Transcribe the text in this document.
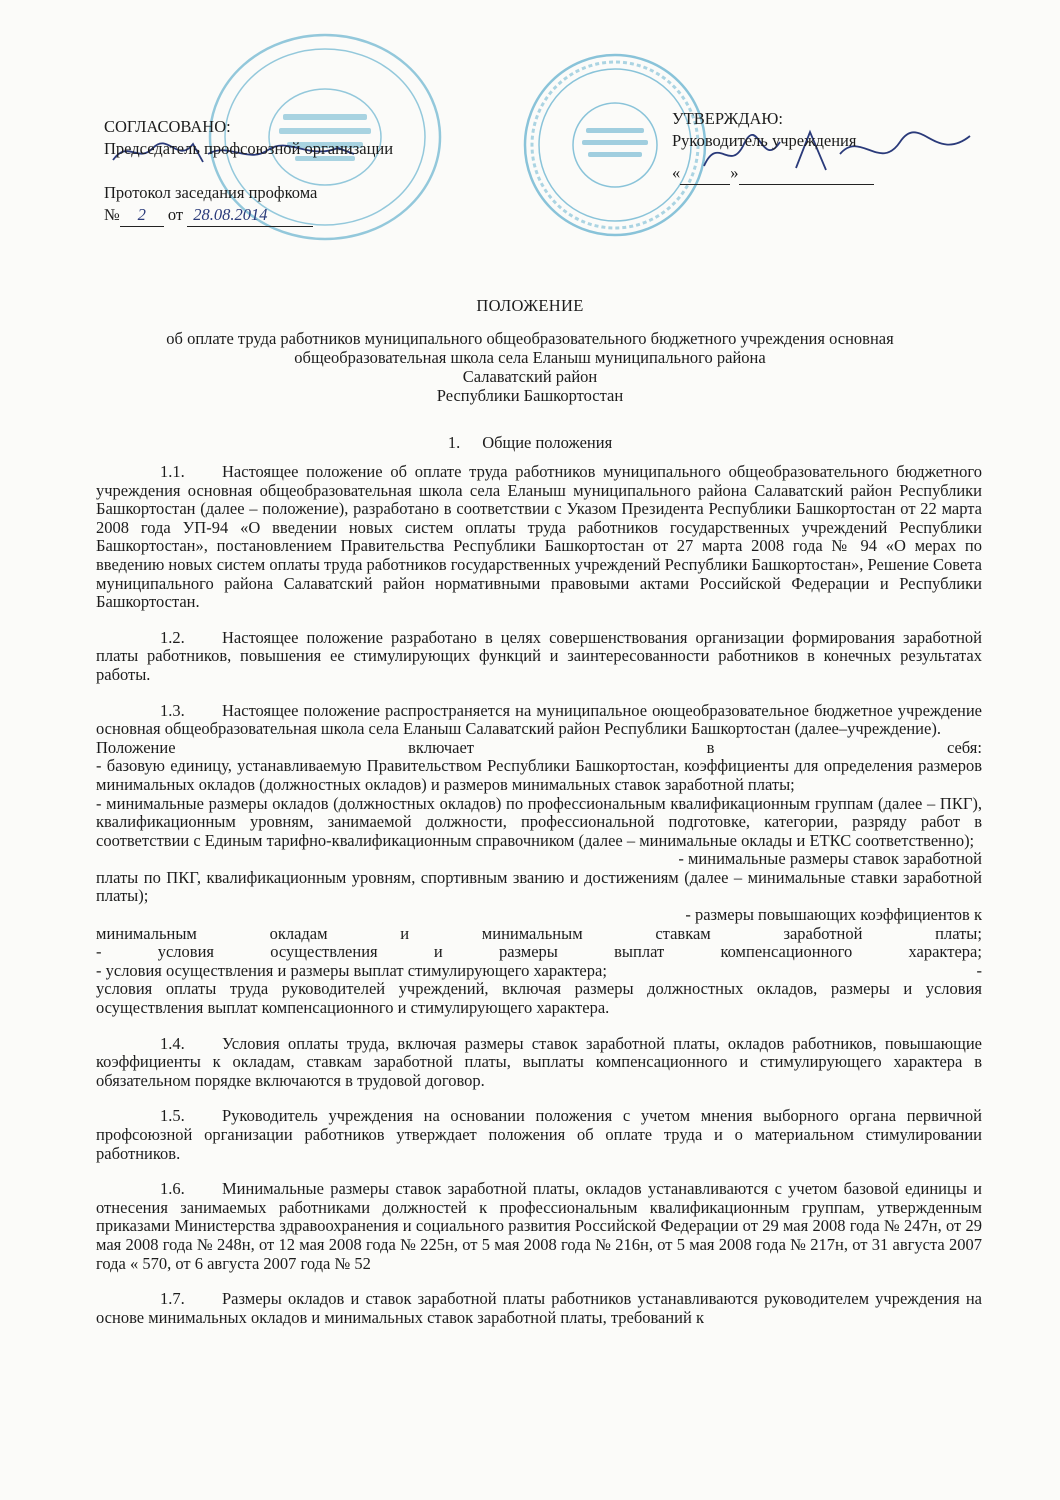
СОГЛАСОВАНО:
Председатель профсоюзной организации
Протокол заседания профкома
№ 2 от 28.08.2014
УТВЕРЖДАЮ:
Руководитель учреждения
«	»
ПОЛОЖЕНИЕ
об оплате труда работников муниципального общеобразовательного бюджетного учреждения основная
общеобразовательная школа села Еланыш муниципального района
Салаватский район
Республики Башкортостан
1. Общие положения

1.1. Настоящее положение об оплате труда работников муниципального общеобразовательного бюджетного учреждения основная общеобразовательная школа села Еланыш муниципального района Салаватский район Республики Башкортостан (далее – положение), разработано в соответствии с Указом Президента Республики Башкортостан от 22 марта 2008 года УП-94 «О введении новых систем оплаты труда работников государственных учреждений Республики Башкортостан», постановлением Правительства Республики Башкортостан от 27 марта 2008 года № 94 «О мерах по введению новых систем оплаты труда работников государственных учреждений Республики Башкортостан», Решение Совета муниципального района Салаватский район нормативными правовыми актами Российской Федерации и Республики Башкортостан.

1.2. Настоящее положение разработано в целях совершенствования организации формирования заработной платы работников, повышения ее стимулирующих функций и заинтересованности работников в конечных результатах работы.

1.3. Настоящее положение распространяется на муниципальное оющеобразовательное бюджетное учреждение основная общеобразовательная школа села Еланыш Салаватский район Республики Башкортостан (далее–учреждение).
Положение	включает	в	себя:
- базовую единицу, устанавливаемую Правительством Республики Башкортостан, коэффициенты для определения размеров минимальных окладов (должностных окладов) и размеров минимальных ставок заработной платы;
- минимальные размеры окладов (должностных окладов) по профессиональным квалификационным группам (далее – ПКГ), квалификационным уровням, занимаемой должности, профессиональной подготовке, категории, разряду работ в соответствии с Единым тарифно-квалификационным справочником (далее – минимальные оклады и ЕТКС соответственно);
- минимальные размеры ставок заработной
платы по ПКГ, квалификационным уровням, спортивным званию и достижениям (далее – минимальные ставки заработной платы);
- размеры повышающих коэффициентов к
минимальным	окладам	и	минимальным	ставкам	заработной	платы;
-	условия	осуществления	и	размеры	выплат	компенсационного	характера;
- условия осуществления и размеры выплат стимулирующего характера;	-
условия оплаты труда руководителей учреждений, включая размеры должностных окладов, размеры и условия осуществления выплат компенсационного и стимулирующего характера.

1.4. Условия оплаты труда, включая размеры ставок заработной платы, окладов работников, повышающие коэффициенты к окладам, ставкам заработной платы, выплаты компенсационного и стимулирующего характера в обязательном порядке включаются в трудовой договор.

1.5. Руководитель учреждения на основании положения с учетом мнения выборного органа первичной профсоюзной организации работников утверждает положения об оплате труда и о материальном стимулировании работников.

1.6. Минимальные размеры ставок заработной платы, окладов устанавливаются с учетом базовой единицы и отнесения занимаемых работниками должностей к профессиональным квалификационным группам, утвержденным приказами Министерства здравоохранения и социального развития Российской Федерации от 29 мая 2008 года № 247н, от 29 мая 2008 года № 248н, от 12 мая 2008 года № 225н, от 5 мая 2008 года № 216н, от 5 мая 2008 года № 217н, от 31 августа 2007 года « 570, от 6 августа 2007 года № 52

1.7. Размеры окладов и ставок заработной платы работников устанавливаются руководителем учреждения на основе минимальных окладов и минимальных ставок заработной платы, требований к
